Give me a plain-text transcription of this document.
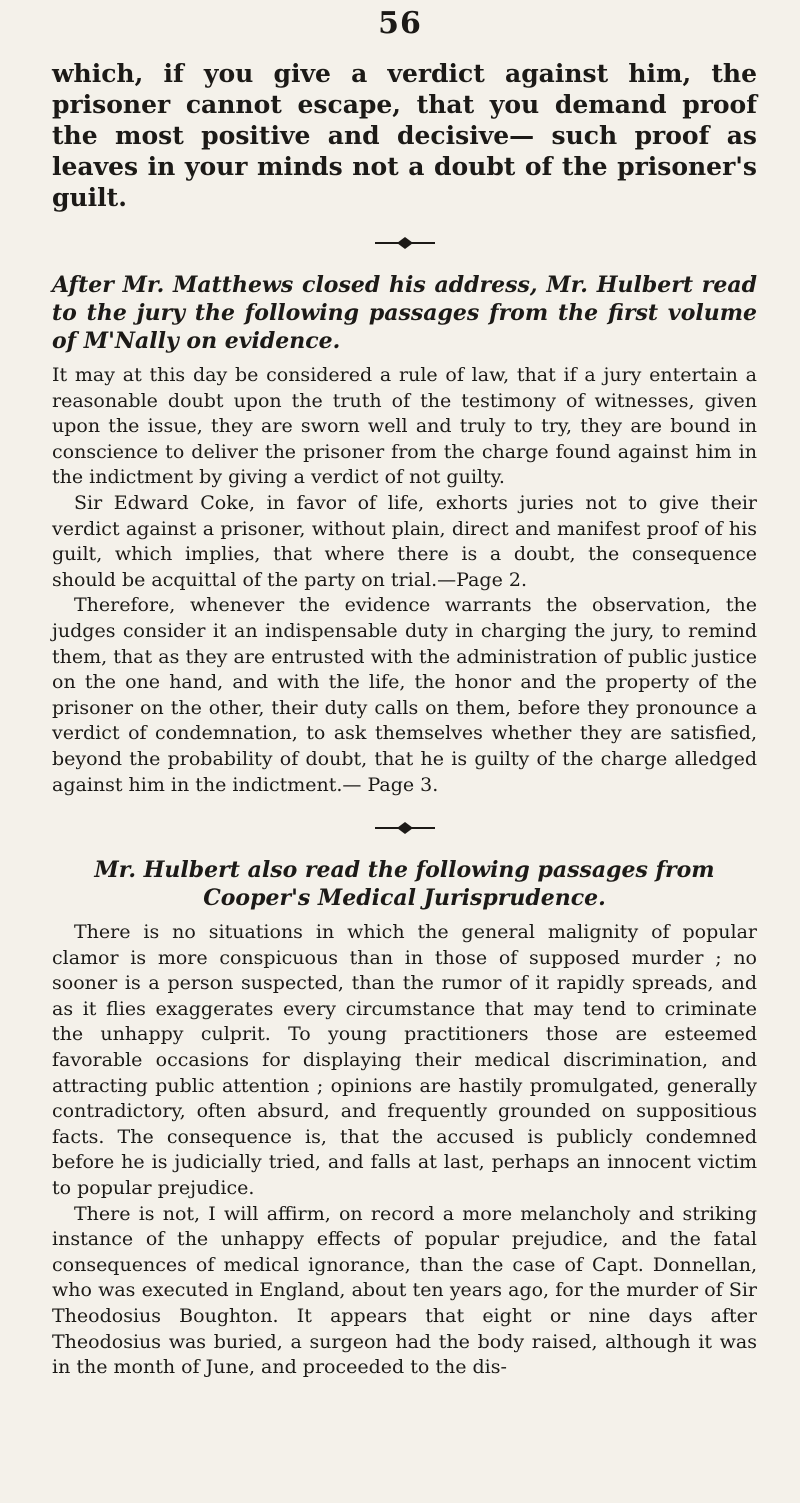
56

which, if you give a verdict against him, the prisoner cannot escape, that you demand proof the most positive and decisive— such proof as leaves in your minds not a doubt of the prisoner's guilt.

After Mr. Matthews closed his address, Mr. Hulbert read to the jury the following passages from the first volume of M'Nally on evidence.

It may at this day be considered a rule of law, that if a jury entertain a reasonable doubt upon the truth of the testimony of witnesses, given upon the issue, they are sworn well and truly to try, they are bound in conscience to deliver the prisoner from the charge found against him in the indictment by giving a verdict of not guilty.

Sir Edward Coke, in favor of life, exhorts juries not to give their verdict against a prisoner, without plain, direct and manifest proof of his guilt, which implies, that where there is a doubt, the consequence should be acquittal of the party on trial.—Page 2.

Therefore, whenever the evidence warrants the observation, the judges consider it an indispensable duty in charging the jury, to remind them, that as they are entrusted with the administration of public justice on the one hand, and with the life, the honor and the property of the prisoner on the other, their duty calls on them, before they pronounce a verdict of condemnation, to ask themselves whether they are satisfied, beyond the probability of doubt, that he is guilty of the charge alledged against him in the indictment.— Page 3.

Mr. Hulbert also read the following passages from Cooper's Medical Jurisprudence.

There is no situations in which the general malignity of popular clamor is more conspicuous than in those of supposed murder ; no sooner is a person suspected, than the rumor of it rapidly spreads, and as it flies exaggerates every circumstance that may tend to criminate the unhappy culprit. To young practitioners those are esteemed favorable occasions for displaying their medical discrimination, and attracting public attention ; opinions are hastily promulgated, generally contradictory, often absurd, and frequently grounded on suppositious facts. The consequence is, that the accused is publicly condemned before he is judicially tried, and falls at last, perhaps an innocent victim to popular prejudice.

There is not, I will affirm, on record a more melancholy and striking instance of the unhappy effects of popular prejudice, and the fatal consequences of medical ignorance, than the case of Capt. Donnellan, who was executed in England, about ten years ago, for the murder of Sir Theodosius Boughton. It appears that eight or nine days after Theodosius was buried, a surgeon had the body raised, although it was in the month of June, and proceeded to the dis-
